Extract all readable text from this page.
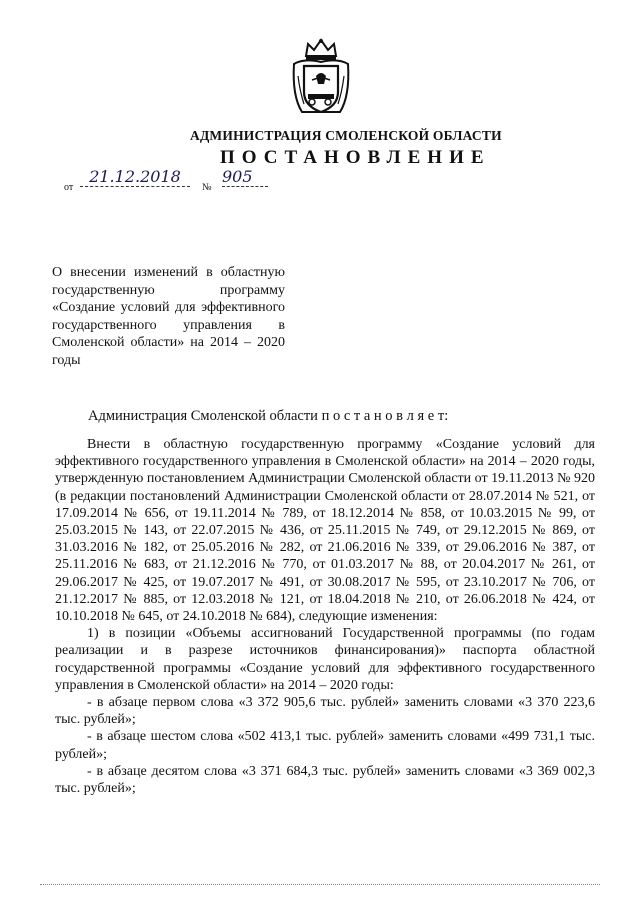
АДМИНИСТРАЦИЯ СМОЛЕНСКОЙ ОБЛАСТИ
ПОСТАНОВЛЕНИЕ
от
21.12.2018
№
905
О внесении изменений в областную государственную программу «Создание условий для эффективного государственного управления в Смоленской области» на 2014 – 2020 годы
Администрация Смоленской области п о с т а н о в л я е т:

Внести в областную государственную программу «Создание условий для эффективного государственного управления в Смоленской области» на 2014 – 2020 годы, утвержденную постановлением Администрации Смоленской области от 19.11.2013 № 920 (в редакции постановлений Администрации Смоленской области от 28.07.2014 № 521, от 17.09.2014 № 656, от 19.11.2014 № 789, от 18.12.2014 № 858, от 10.03.2015 № 99, от 25.03.2015 № 143, от 22.07.2015 № 436, от 25.11.2015 № 749, от 29.12.2015 № 869, от 31.03.2016 № 182, от 25.05.2016 № 282, от 21.06.2016 № 339, от 29.06.2016 № 387, от 25.11.2016 № 683, от 21.12.2016 № 770, от 01.03.2017 № 88, от 20.04.2017 № 261, от 29.06.2017 № 425, от 19.07.2017 № 491, от 30.08.2017 № 595, от 23.10.2017 № 706, от 21.12.2017 № 885, от 12.03.2018 № 121, от 18.04.2018 № 210, от 26.06.2018 № 424, от 10.10.2018 № 645, от 24.10.2018 № 684), следующие изменения:

1) в позиции «Объемы ассигнований Государственной программы (по годам реализации и в разрезе источников финансирования)» паспорта областной государственной программы «Создание условий для эффективного государственного управления в Смоленской области» на 2014 – 2020 годы:

- в абзаце первом слова «3 372 905,6 тыс. рублей» заменить словами «3 370 223,6 тыс. рублей»;

- в абзаце шестом слова «502 413,1 тыс. рублей» заменить словами «499 731,1 тыс. рублей»;

- в абзаце десятом слова «3 371 684,3 тыс. рублей» заменить словами «3 369 002,3 тыс. рублей»;
